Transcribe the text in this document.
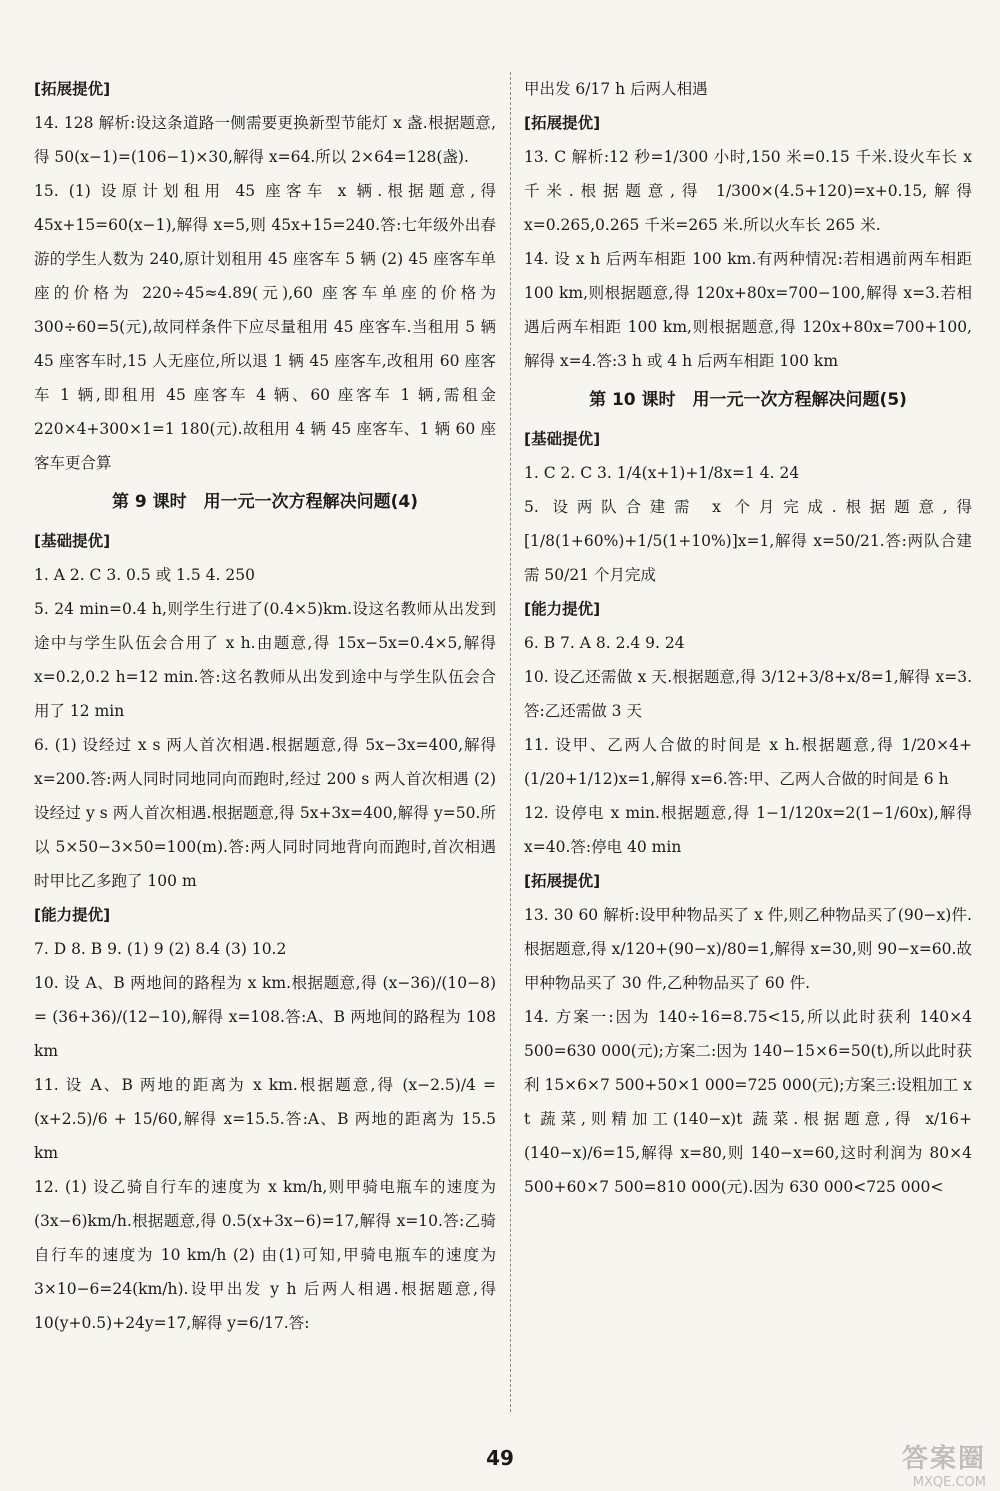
[拓展提优]

14. 128 解析:设这条道路一侧需要更换新型节能灯 x 盏.根据题意,得 50(x−1)=(106−1)×30,解得 x=64.所以 2×64=128(盏).

15. (1) 设原计划租用 45 座客车 x 辆.根据题意,得 45x+15=60(x−1),解得 x=5,则 45x+15=240.答:七年级外出春游的学生人数为 240,原计划租用 45 座客车 5 辆 (2) 45 座客车单座的价格为 220÷45≈4.89(元),60 座客车单座的价格为 300÷60=5(元),故同样条件下应尽量租用 45 座客车.当租用 5 辆 45 座客车时,15 人无座位,所以退 1 辆 45 座客车,改租用 60 座客车 1 辆,即租用 45 座客车 4 辆、60 座客车 1 辆,需租金 220×4+300×1=1 180(元).故租用 4 辆 45 座客车、1 辆 60 座客车更合算

第 9 课时　用一元一次方程解决问题(4)
[基础提优]

1. A 2. C 3. 0.5 或 1.5 4. 250

5. 24 min=0.4 h,则学生行进了(0.4×5)km.设这名教师从出发到途中与学生队伍会合用了 x h.由题意,得 15x−5x=0.4×5,解得 x=0.2,0.2 h=12 min.答:这名教师从出发到途中与学生队伍会合用了 12 min

6. (1) 设经过 x s 两人首次相遇.根据题意,得 5x−3x=400,解得 x=200.答:两人同时同地同向而跑时,经过 200 s 两人首次相遇 (2) 设经过 y s 两人首次相遇.根据题意,得 5x+3x=400,解得 y=50.所以 5×50−3×50=100(m).答:两人同时同地背向而跑时,首次相遇时甲比乙多跑了 100 m

[能力提优]

7. D 8. B 9. (1) 9 (2) 8.4 (3) 10.2

10. 设 A、B 两地间的路程为 x km.根据题意,得 (x−36)/(10−8) = (36+36)/(12−10),解得 x=108.答:A、B 两地间的路程为 108 km

11. 设 A、B 两地的距离为 x km.根据题意,得 (x−2.5)/4 = (x+2.5)/6 + 15/60,解得 x=15.5.答:A、B 两地的距离为 15.5 km

12. (1) 设乙骑自行车的速度为 x km/h,则甲骑电瓶车的速度为(3x−6)km/h.根据题意,得 0.5(x+3x−6)=17,解得 x=10.答:乙骑自行车的速度为 10 km/h (2) 由(1)可知,甲骑电瓶车的速度为 3×10−6=24(km/h).设甲出发 y h 后两人相遇.根据题意,得 10(y+0.5)+24y=17,解得 y=6/17.答:

甲出发 6/17 h 后两人相遇

[拓展提优]

13. C 解析:12 秒=1/300 小时,150 米=0.15 千米.设火车长 x 千米.根据题意,得 1/300×(4.5+120)=x+0.15,解得 x=0.265,0.265 千米=265 米.所以火车长 265 米.

14. 设 x h 后两车相距 100 km.有两种情况:若相遇前两车相距 100 km,则根据题意,得 120x+80x=700−100,解得 x=3.若相遇后两车相距 100 km,则根据题意,得 120x+80x=700+100,解得 x=4.答:3 h 或 4 h 后两车相距 100 km

第 10 课时　用一元一次方程解决问题(5)
[基础提优]

1. C 2. C 3. 1/4(x+1)+1/8x=1 4. 24

5. 设两队合建需 x 个月完成.根据题意,得 [1/8(1+60%)+1/5(1+10%)]x=1,解得 x=50/21.答:两队合建需 50/21 个月完成

[能力提优]

6. B 7. A 8. 2.4 9. 24

10. 设乙还需做 x 天.根据题意,得 3/12+3/8+x/8=1,解得 x=3.答:乙还需做 3 天

11. 设甲、乙两人合做的时间是 x h.根据题意,得 1/20×4+(1/20+1/12)x=1,解得 x=6.答:甲、乙两人合做的时间是 6 h

12. 设停电 x min.根据题意,得 1−1/120x=2(1−1/60x),解得 x=40.答:停电 40 min

[拓展提优]

13. 30 60 解析:设甲种物品买了 x 件,则乙种物品买了(90−x)件.根据题意,得 x/120+(90−x)/80=1,解得 x=30,则 90−x=60.故甲种物品买了 30 件,乙种物品买了 60 件.

14. 方案一:因为 140÷16=8.75<15,所以此时获利 140×4 500=630 000(元);方案二:因为 140−15×6=50(t),所以此时获利 15×6×7 500+50×1 000=725 000(元);方案三:设粗加工 x t 蔬菜,则精加工(140−x)t 蔬菜.根据题意,得 x/16+(140−x)/6=15,解得 x=80,则 140−x=60,这时利润为 80×4 500+60×7 500=810 000(元).因为 630 000<725 000<

49	答案圈
MXQE.COM
